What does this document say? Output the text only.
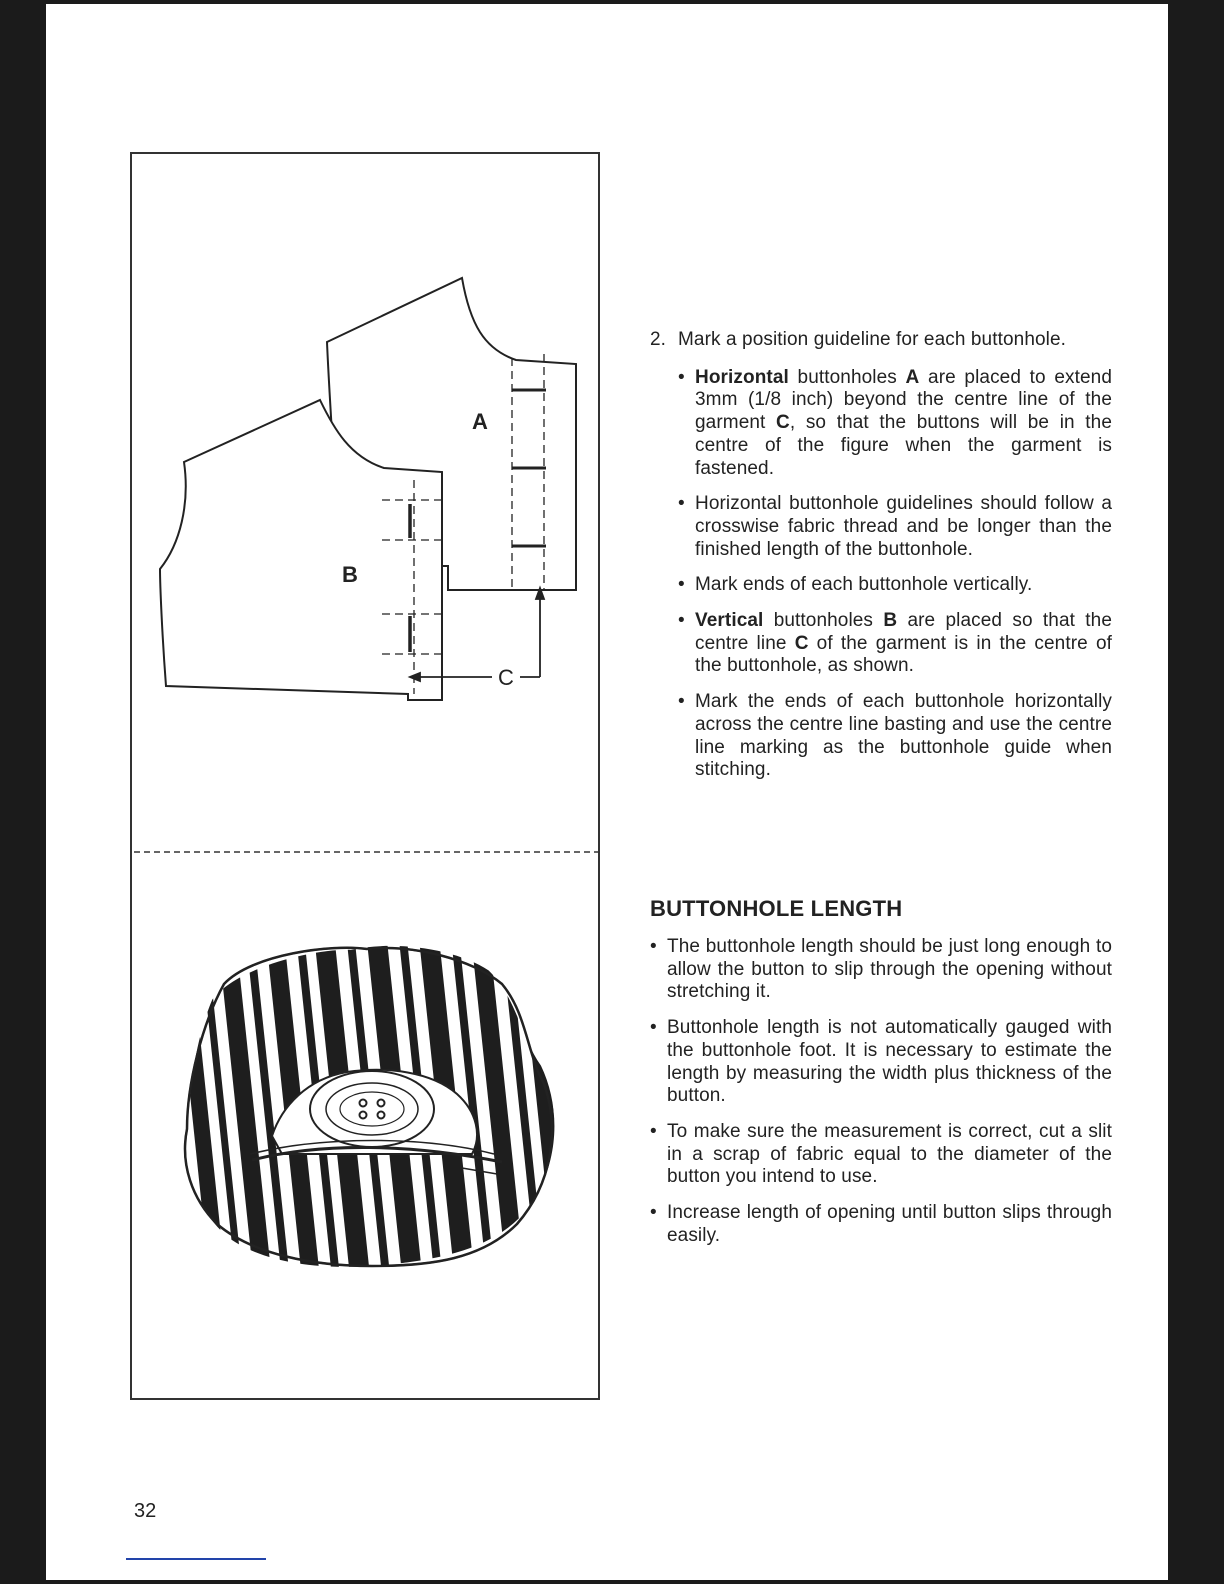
A
B
C
2. Mark a position guideline for each buttonhole.
• Horizontal buttonholes A are placed to extend 3mm (1/8 inch) beyond the centre line of the garment C, so that the buttons will be in the centre of the figure when the garment is fastened.
• Horizontal buttonhole guidelines should follow a crosswise fabric thread and be longer than the finished length of the buttonhole.
• Mark ends of each buttonhole vertically.
• Vertical buttonholes B are placed so that the centre line C of the garment is in the centre of the buttonhole, as shown.
• Mark the ends of each buttonhole horizontally across the centre line basting and use the centre line marking as the buttonhole guide when stitching.
BUTTONHOLE LENGTH
• The buttonhole length should be just long enough to allow the button to slip through the opening without stretching it.
• Buttonhole length is not automatically gauged with the buttonhole foot. It is necessary to estimate the length by measuring the width plus thickness of the button.
• To make sure the measurement is correct, cut a slit in a scrap of fabric equal to the diameter of the button you intend to use.
• Increase length of opening until button slips through easily.
32
